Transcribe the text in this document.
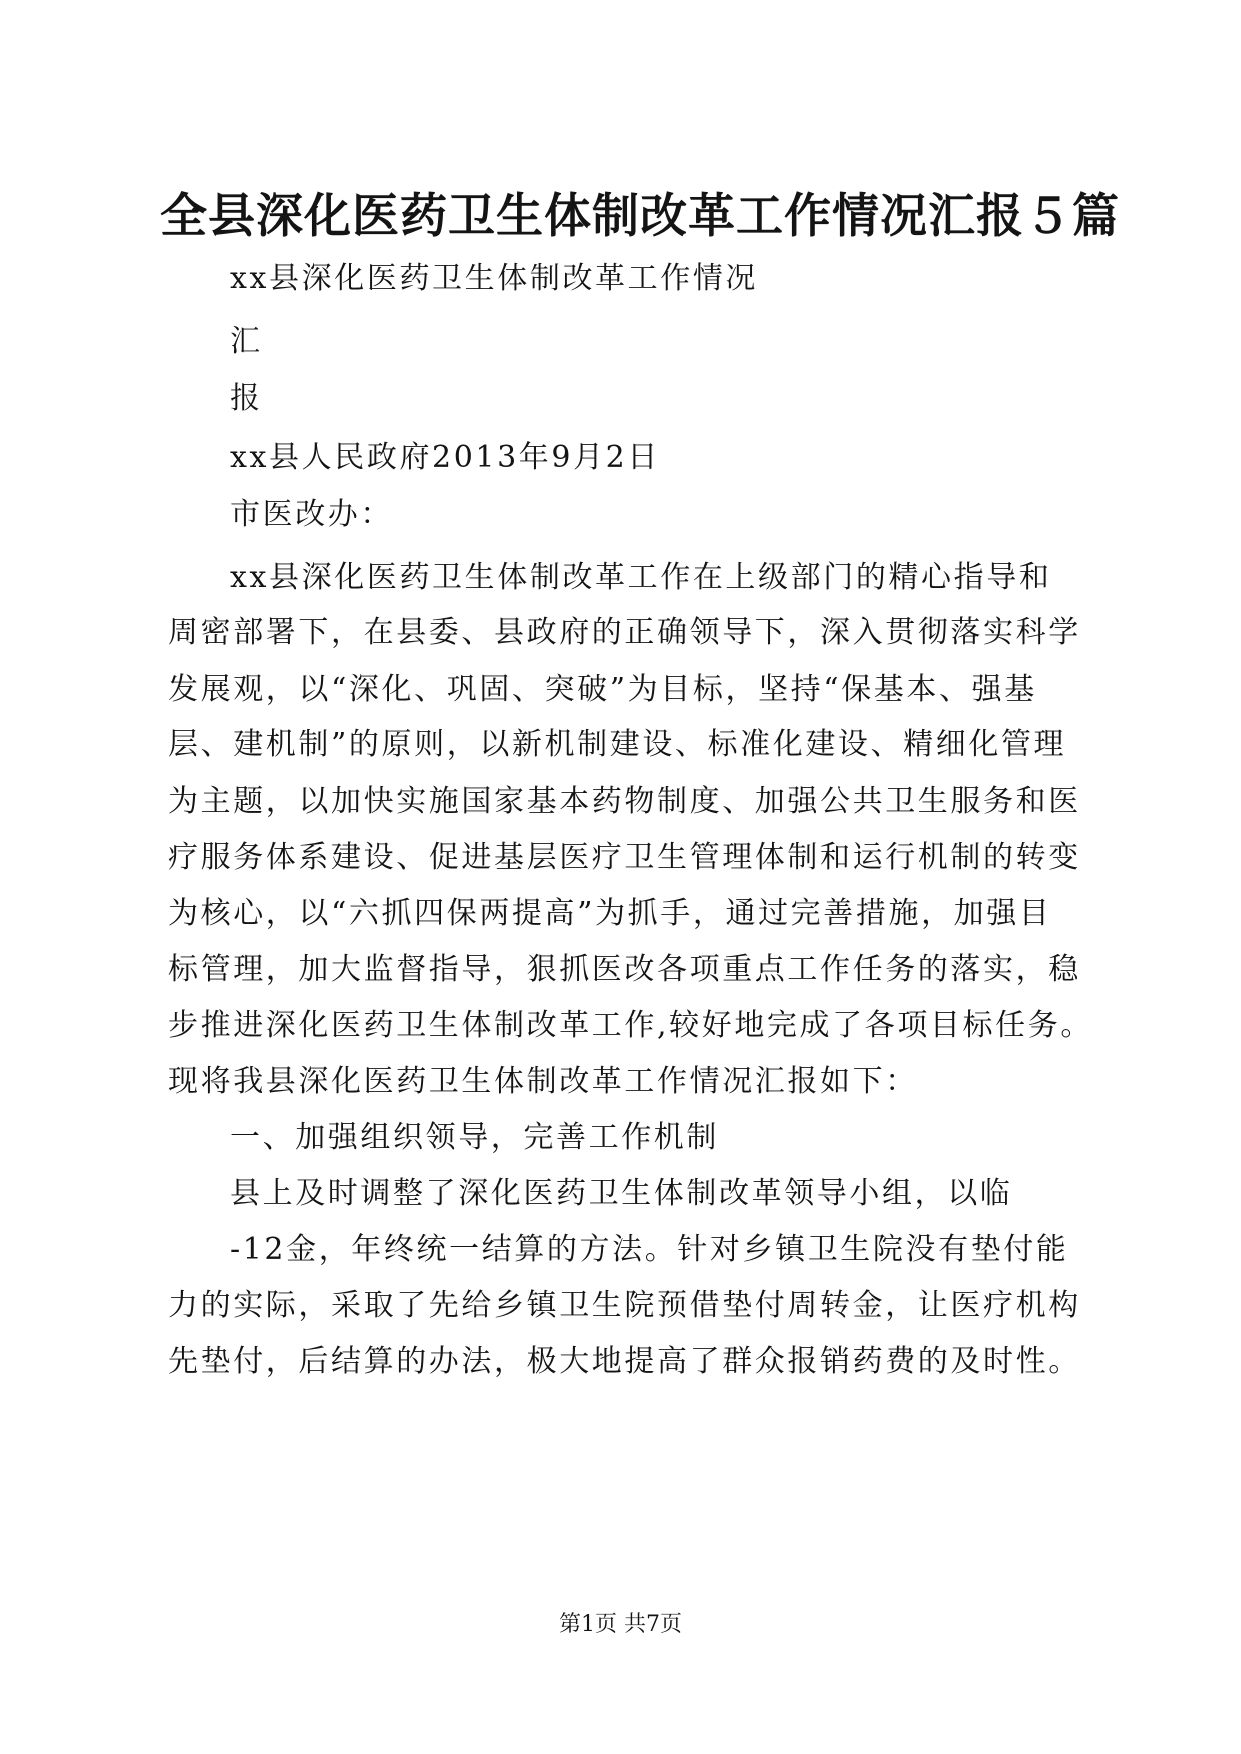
全县深化医药卫生体制改革工作情况汇报５篇

xx县深化医药卫生体制改革工作情况

汇

报

xx县人民政府2013年9月2日

市医改办：

xx县深化医药卫生体制改革工作在上级部门的精心指导和

周密部署下，在县委、县政府的正确领导下，深入贯彻落实科学

发展观，以“深化、巩固、突破”为目标，坚持“保基本、强基

层、建机制”的原则，以新机制建设、标准化建设、精细化管理

为主题，以加快实施国家基本药物制度、加强公共卫生服务和医

疗服务体系建设、促进基层医疗卫生管理体制和运行机制的转变

为核心，以“六抓四保两提高”为抓手，通过完善措施，加强目

标管理，加大监督指导，狠抓医改各项重点工作任务的落实，稳

步推进深化医药卫生体制改革工作,较好地完成了各项目标任务。

现将我县深化医药卫生体制改革工作情况汇报如下：

一、加强组织领导，完善工作机制

县上及时调整了深化医药卫生体制改革领导小组，以临

-12金，年终统一结算的方法。针对乡镇卫生院没有垫付能

力的实际，采取了先给乡镇卫生院预借垫付周转金，让医疗机构

先垫付，后结算的办法，极大地提高了群众报销药费的及时性。

第1页 共7页
